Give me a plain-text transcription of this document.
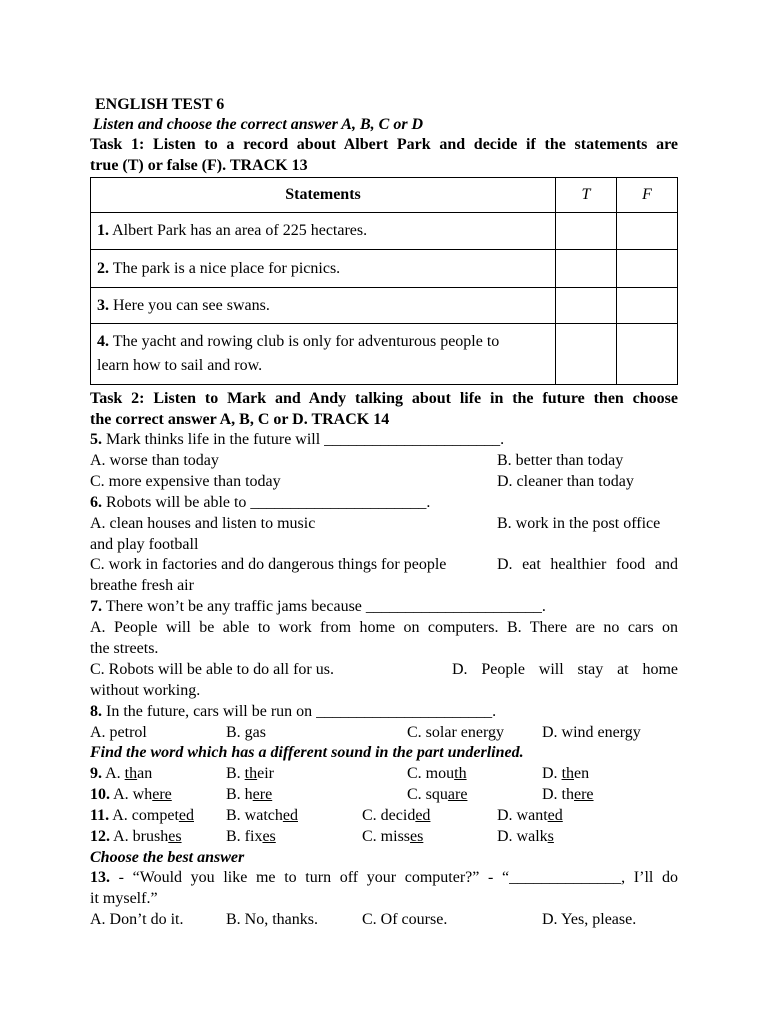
ENGLISH TEST 6
Listen and choose the correct answer A, B, C or D
Task 1: Listen to a record about Albert Park and decide if the statements are
true (T) or false (F). TRACK 13
Statements	T	F
1. Albert Park has an area of 225 hectares.		
2. The park is a nice place for picnics.		
3. Here you can see swans.		
4. The yacht and rowing club is only for adventurous people to
learn how to sail and row.		
Task 2: Listen to Mark and Andy talking about life in the future then choose
the correct answer A, B, C or D. TRACK 14
5. Mark thinks life in the future will ______________________.
A. worse than today	B. better than today
C. more expensive than today	D. cleaner than today
6. Robots will be able to ______________________.
A. clean houses and listen to music	B. work in the post office
and play football
C. work in factories and do dangerous things for people	D. eat healthier food and
breathe fresh air
7. There won’t be any traffic jams because ______________________.
A. People will be able to work from home on computers. B. There are no cars on
the streets.
C. Robots will be able to do all for us.	D. People will stay at home
without working.
8. In the future, cars will be run on ______________________.
A. petrol	B. gas	C. solar energy D. wind energy
Find the word which has a different sound in the part underlined.
9. A. than	B. their	C. mouth	D. then
10. A. where	B. here	C. square	D. there
11. A. competed B. watched	C. decided	D. wanted
12. A. brushes	B. fixes	C. misses	D. walks
Choose the best answer
13. - “Would you like me to turn off your computer?” - “______________, I’ll do
it myself.”
A. Don’t do it.	B. No, thanks.	C. Of course.	D. Yes, please.
